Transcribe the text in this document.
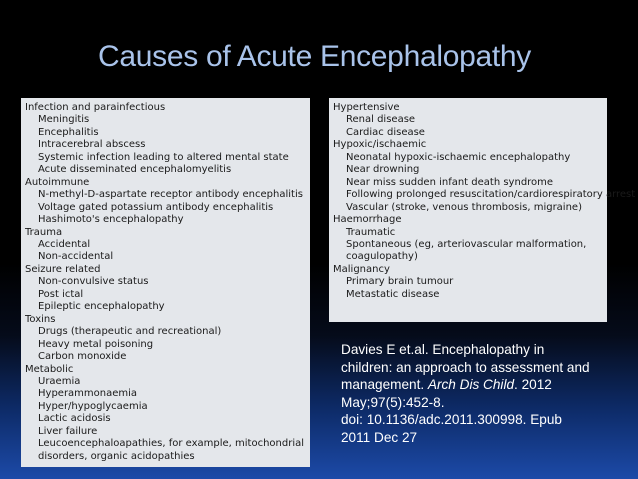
Causes of Acute Encephalopathy
Infection and parainfectious
Meningitis
Encephalitis
Intracerebral abscess
Systemic infection leading to altered mental state
Acute disseminated encephalomyelitis
Autoimmune
N-methyl-D-aspartate receptor antibody encephalitis
Voltage gated potassium antibody encephalitis
Hashimoto's encephalopathy
Trauma
Accidental
Non-accidental
Seizure related
Non-convulsive status
Post ictal
Epileptic encephalopathy
Toxins
Drugs (therapeutic and recreational)
Heavy metal poisoning
Carbon monoxide
Metabolic
Uraemia
Hyperammonaemia
Hyper/hypoglycaemia
Lactic acidosis
Liver failure
Leucoencephaloapathies, for example, mitochondrial
disorders, organic acidopathies
Hypertensive
Renal disease
Cardiac disease
Hypoxic/ischaemic
Neonatal hypoxic-ischaemic encephalopathy
Near drowning
Near miss sudden infant death syndrome
Following prolonged resuscitation/cardiorespiratory arrest
Vascular (stroke, venous thrombosis, migraine)
Haemorrhage
Traumatic
Spontaneous (eg, arteriovascular malformation,
coagulopathy)
Malignancy
Primary brain tumour
Metastatic disease
Davies E et.al. Encephalopathy in
children: an approach to assessment and
management. Arch Dis Child. 2012
May;97(5):452-8.
doi: 10.1136/adc.2011.300998. Epub
2011 Dec 27
